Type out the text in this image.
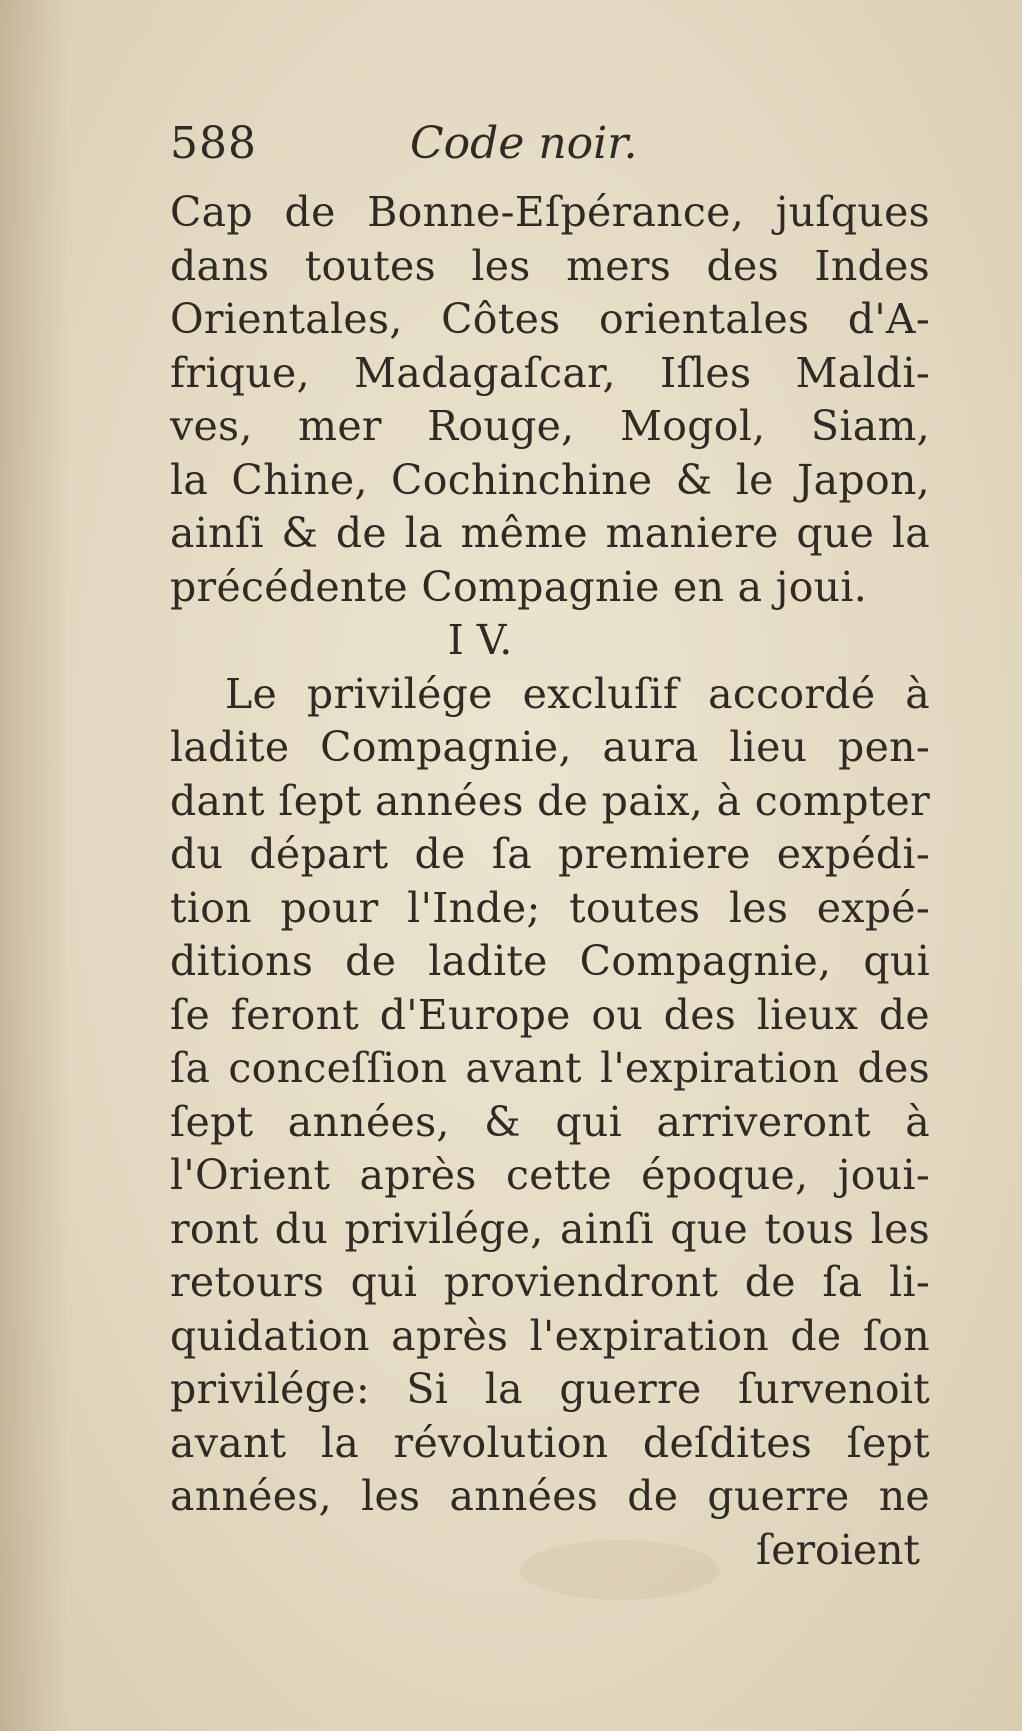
588	Code noir.
Cap de Bonne-Eſpérance, juſques
dans toutes les mers des Indes
Orientales, Côtes orientales d'A-
frique, Madagaſcar, Iſles Maldi-
ves, mer Rouge, Mogol, Siam,
la Chine, Cochinchine & le Japon,
ainſi & de la même maniere que la
précédente Compagnie en a joui.
I V.
Le privilége excluſif accordé à
ladite Compagnie, aura lieu pen-
dant ſept années de paix, à compter
du départ de ſa premiere expédi-
tion pour l'Inde; toutes les expé-
ditions de ladite Compagnie, qui
ſe feront d'Europe ou des lieux de
ſa conceſſion avant l'expiration des
ſept années, & qui arriveront à
l'Orient après cette époque, joui-
ront du privilége, ainſi que tous les
retours qui proviendront de ſa li-
quidation après l'expiration de ſon
privilége: Si la guerre ſurvenoit
avant la révolution deſdites ſept
années, les années de guerre ne
ſeroient
